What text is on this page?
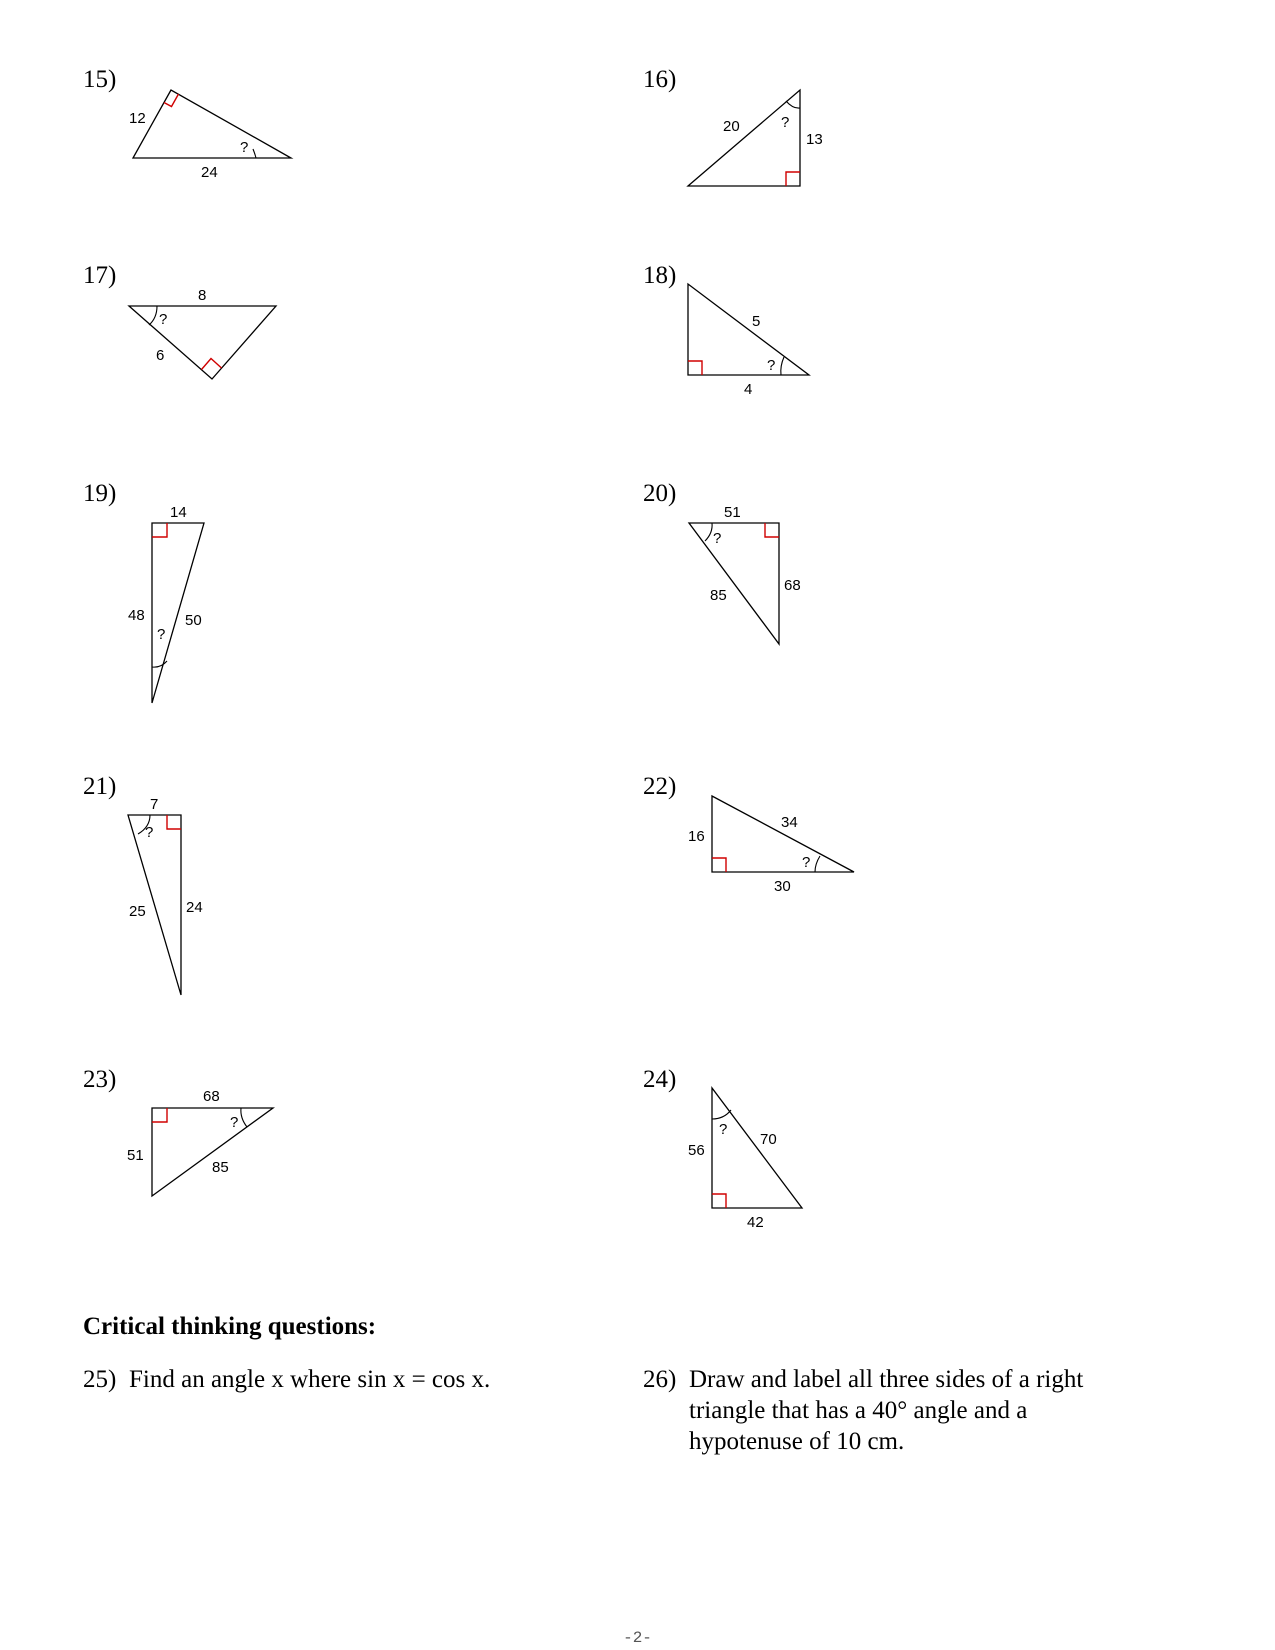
15)	16)
17)	18)
19)	20)
21)	22)
23)	24)
12
24
?
20
13
?
8
6
?	5
4
?
14
48	50
?
51
68
85
?
7
25	24
?
34
16
30
?
68
51
85
?
56
70
42
?
Critical thinking questions:
25) Find an angle x where sin x = cos x.	26) Draw and label all three sides of a right triangle that has a 40° angle and a hypotenuse of 10 cm.
-2-
